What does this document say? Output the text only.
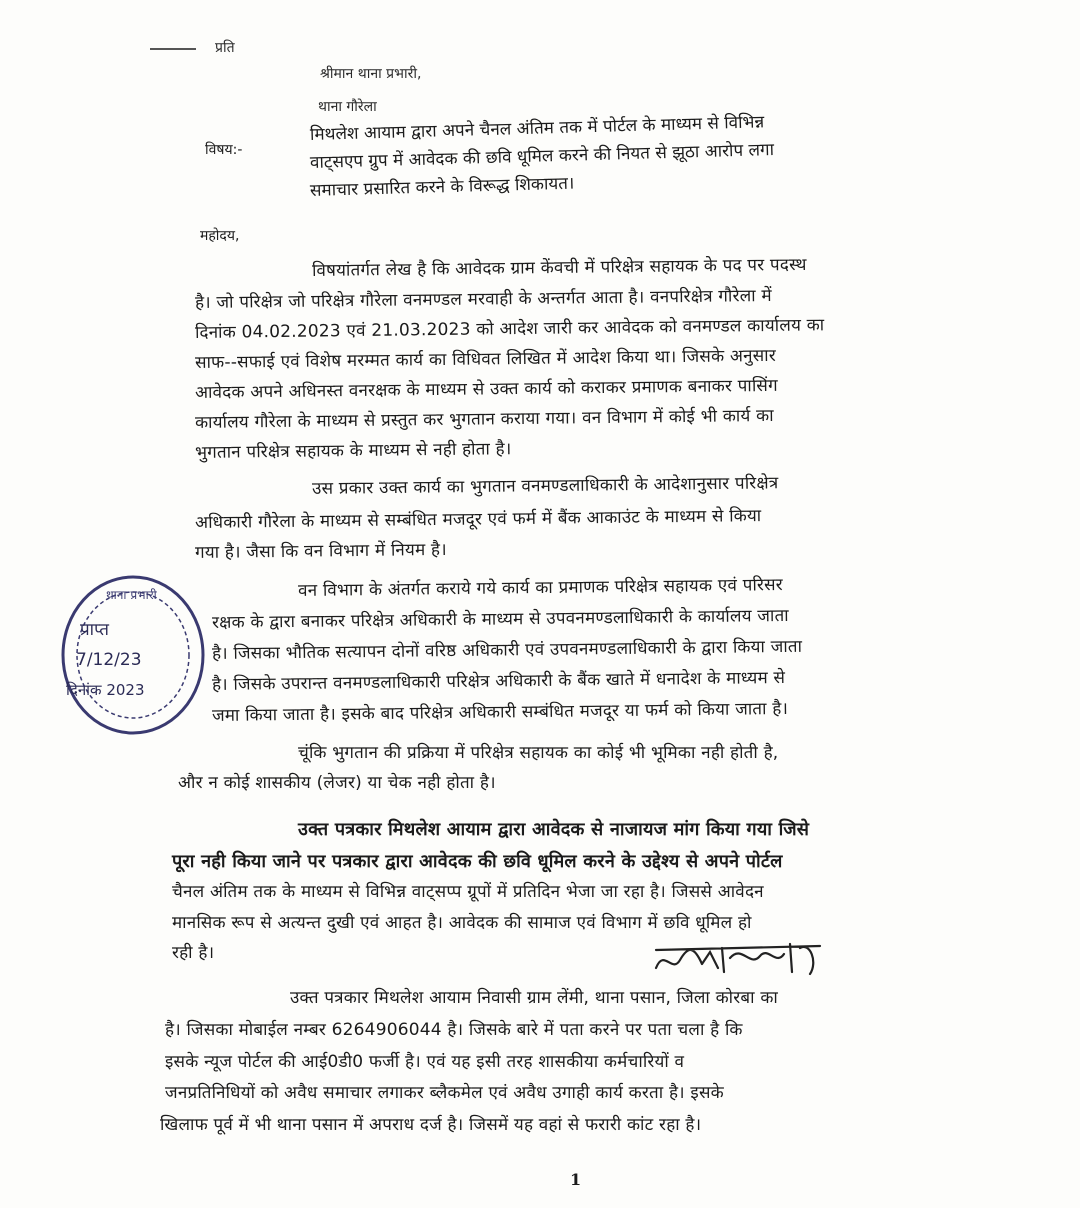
प्रति
श्रीमान थाना प्रभारी,
थाना गौरेला
विषय:-
मिथलेश आयाम द्वारा अपने चैनल अंतिम तक में पोर्टल के माध्यम से विभिन्न
वाट्सएप ग्रुप में आवेदक की छवि धूमिल करने की नियत से झूठा आरोप लगा
समाचार प्रसारित करने के विरूद्ध शिकायत।
महोदय,
विषयांतर्गत लेख है कि आवेदक ग्राम केंवची में परिक्षेत्र सहायक के पद पर पदस्थ
है। जो परिक्षेत्र जो परिक्षेत्र गौरेला वनमण्डल मरवाही के अन्तर्गत आता है। वनपरिक्षेत्र गौरेला में
दिनांक 04.02.2023 एवं 21.03.2023 को आदेश जारी कर आवेदक को वनमण्डल कार्यालय का
साफ--सफाई एवं विशेष मरम्मत कार्य का विधिवत लिखित में आदेश किया था। जिसके अनुसार
आवेदक अपने अधिनस्त वनरक्षक के माध्यम से उक्त कार्य को कराकर प्रमाणक बनाकर पासिंग
कार्यालय गौरेला के माध्यम से प्रस्तुत कर भुगतान कराया गया। वन विभाग में कोई भी कार्य का
भुगतान परिक्षेत्र सहायक के माध्यम से नही होता है।
उस प्रकार उक्त कार्य का भुगतान वनमण्डलाधिकारी के आदेशानुसार परिक्षेत्र
अधिकारी गौरेला के माध्यम से सम्बंधित मजदूर एवं फर्म में बैंक आकाउंट के माध्यम से किया
गया है। जैसा कि वन विभाग में नियम है।
वन विभाग के अंतर्गत कराये गये कार्य का प्रमाणक परिक्षेत्र सहायक एवं परिसर
रक्षक के द्वारा बनाकर परिक्षेत्र अधिकारी के माध्यम से उपवनमण्डलाधिकारी के कार्यालय जाता
है। जिसका भौतिक सत्यापन दोनों वरिष्ठ अधिकारी एवं उपवनमण्डलाधिकारी के द्वारा किया जाता
है। जिसके उपरान्त वनमण्डलाधिकारी परिक्षेत्र अधिकारी के बैंक खाते में धनादेश के माध्यम से
जमा किया जाता है। इसके बाद परिक्षेत्र अधिकारी सम्बंधित मजदूर या फर्म को किया जाता है।
चूंकि भुगतान की प्रक्रिया में परिक्षेत्र सहायक का कोई भी भूमिका नही होती है,
और न कोई शासकीय (लेजर) या चेक नही होता है।
उक्त पत्रकार मिथलेश आयाम द्वारा आवेदक से नाजायज मांग किया गया जिसे
पूरा नही किया जाने पर पत्रकार द्वारा आवेदक की छवि धूमिल करने के उद्देश्य से अपने पोर्टल
चैनल अंतिम तक के माध्यम से विभिन्न वाट्सप्प ग्रूपों में प्रतिदिन भेजा जा रहा है। जिससे आवेदन
मानसिक रूप से अत्यन्त दुखी एवं आहत है। आवेदक की सामाज एवं विभाग में छवि धूमिल हो
रही है।
उक्त पत्रकार मिथलेश आयाम निवासी ग्राम लेंमी, थाना पसान, जिला कोरबा का
है। जिसका मोबाईल नम्बर 6264906044 है। जिसके बारे में पता करने पर पता चला है कि
इसके न्यूज पोर्टल की आई0डी0 फर्जी है। एवं यह इसी तरह शासकीया कर्मचारियों व
जनप्रतिनिधियों को अवैध समाचार लगाकर ब्लैकमेल एवं अवैध उगाही कार्य करता है। इसके
खिलाफ पूर्व में भी थाना पसान में अपराध दर्ज है। जिसमें यह वहां से फरारी कांट रहा है।
थाना प्रभारी
प्राप्त
7/12/23
दिनांक 2023
1
